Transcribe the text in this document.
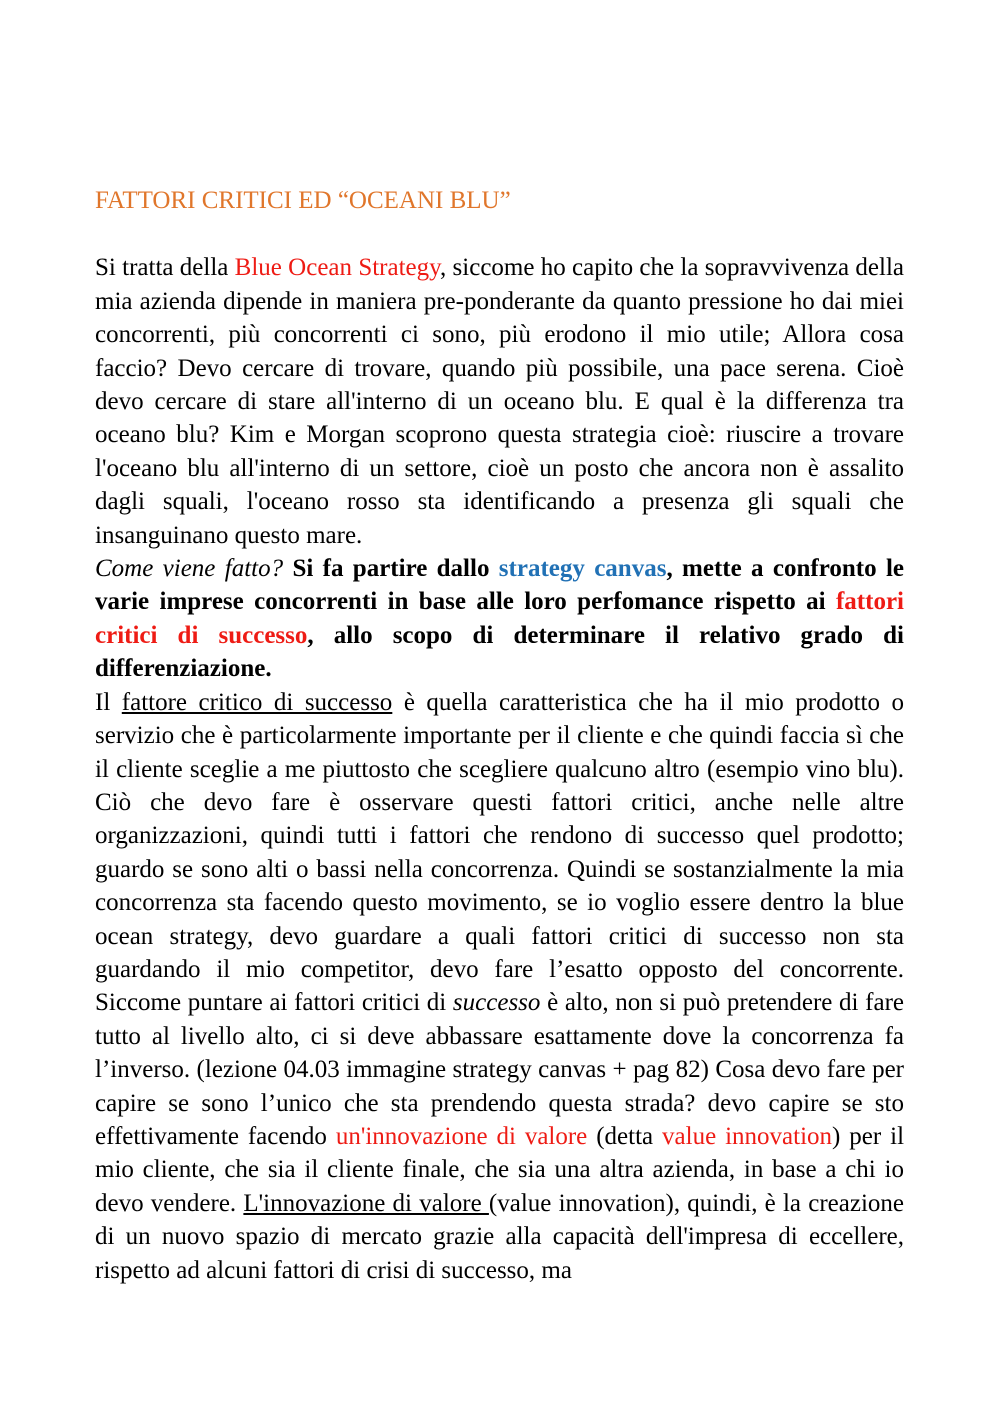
FATTORI CRITICI ED “OCEANI BLU”

Si tratta della Blue Ocean Strategy, siccome ho capito che la sopravvivenza della mia azienda dipende in maniera pre-ponderante da quanto pressione ho dai miei concorrenti, più concorrenti ci sono, più erodono il mio utile; Allora cosa faccio? Devo cercare di trovare, quando più possibile, una pace serena. Cioè devo cercare di stare all'interno di un oceano blu. E qual è la differenza tra oceano blu? Kim e Morgan scoprono questa strategia cioè: riuscire a trovare l'oceano blu all'interno di un settore, cioè un posto che ancora non è assalito dagli squali, l'oceano rosso sta identificando a presenza gli squali che insanguinano questo mare.

Come viene fatto? Si fa partire dallo strategy canvas, mette a confronto le varie imprese concorrenti in base alle loro perfomance rispetto ai fattori critici di successo, allo scopo di determinare il relativo grado di differenziazione.

Il fattore critico di successo è quella caratteristica che ha il mio prodotto o servizio che è particolarmente importante per il cliente e che quindi faccia sì che il cliente sceglie a me piuttosto che scegliere qualcuno altro (esempio vino blu). Ciò che devo fare è osservare questi fattori critici, anche nelle altre organizzazioni, quindi tutti i fattori che rendono di successo quel prodotto; guardo se sono alti o bassi nella concorrenza. Quindi se sostanzialmente la mia concorrenza sta facendo questo movimento, se io voglio essere dentro la blue ocean strategy, devo guardare a quali fattori critici di successo non sta guardando il mio competitor, devo fare l’esatto opposto del concorrente. Siccome puntare ai fattori critici di successo è alto, non si può pretendere di fare tutto al livello alto, ci si deve abbassare esattamente dove la concorrenza fa l’inverso. (lezione 04.03 immagine strategy canvas + pag 82) Cosa devo fare per capire se sono l’unico che sta prendendo questa strada? devo capire se sto effettivamente facendo un'innovazione di valore (detta value innovation) per il mio cliente, che sia il cliente finale, che sia una altra azienda, in base a chi io devo vendere. L'innovazione di valore (value innovation), quindi, è la creazione di un nuovo spazio di mercato grazie alla capacità dell'impresa di eccellere, rispetto ad alcuni fattori di crisi di successo, ma
